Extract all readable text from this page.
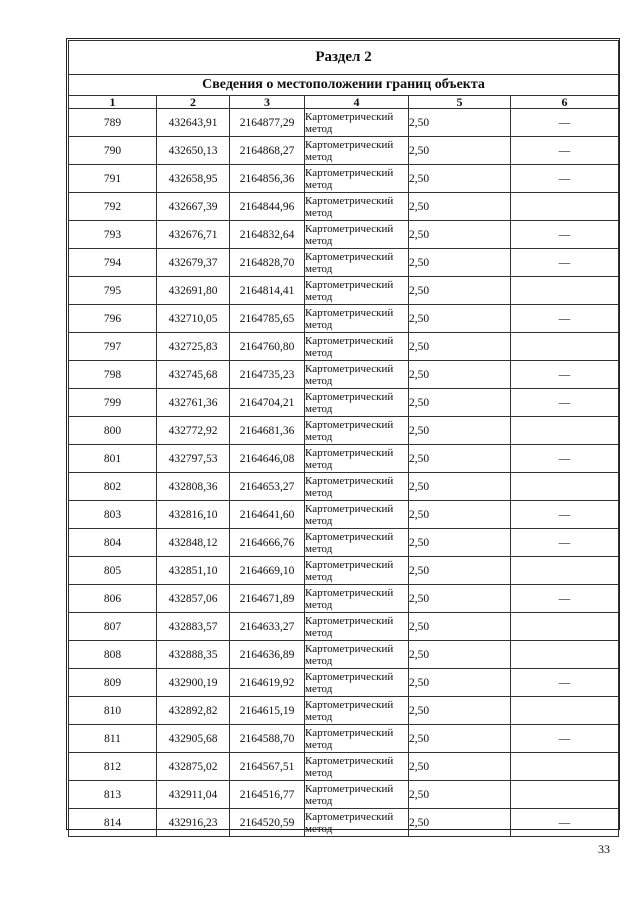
Раздел 2					
Сведения о местоположении границ объекта					
1	2	3	4	5	6
789	432643,91	2164877,29	Картометрический метод	2,50	—
790	432650,13	2164868,27	Картометрический метод	2,50	—
791	432658,95	2164856,36	Картометрический метод	2,50	—
792	432667,39	2164844,96	Картометрический метод	2,50	
793	432676,71	2164832,64	Картометрический метод	2,50	—
794	432679,37	2164828,70	Картометрический метод	2,50	—
795	432691,80	2164814,41	Картометрический метод	2,50	
796	432710,05	2164785,65	Картометрический метод	2,50	—
797	432725,83	2164760,80	Картометрический метод	2,50	
798	432745,68	2164735,23	Картометрический метод	2,50	—
799	432761,36	2164704,21	Картометрический метод	2,50	—
800	432772,92	2164681,36	Картометрический метод	2,50	
801	432797,53	2164646,08	Картометрический метод	2,50	—
802	432808,36	2164653,27	Картометрический метод	2,50	
803	432816,10	2164641,60	Картометрический метод	2,50	—
804	432848,12	2164666,76	Картометрический метод	2,50	—
805	432851,10	2164669,10	Картометрический метод	2,50	
806	432857,06	2164671,89	Картометрический метод	2,50	—
807	432883,57	2164633,27	Картометрический метод	2,50	
808	432888,35	2164636,89	Картометрический метод	2,50	
809	432900,19	2164619,92	Картометрический метод	2,50	—
810	432892,82	2164615,19	Картометрический метод	2,50	
811	432905,68	2164588,70	Картометрический метод	2,50	—
812	432875,02	2164567,51	Картометрический метод	2,50	
813	432911,04	2164516,77	Картометрический метод	2,50	
814	432916,23	2164520,59	Картометрический метод	2,50	—
33
